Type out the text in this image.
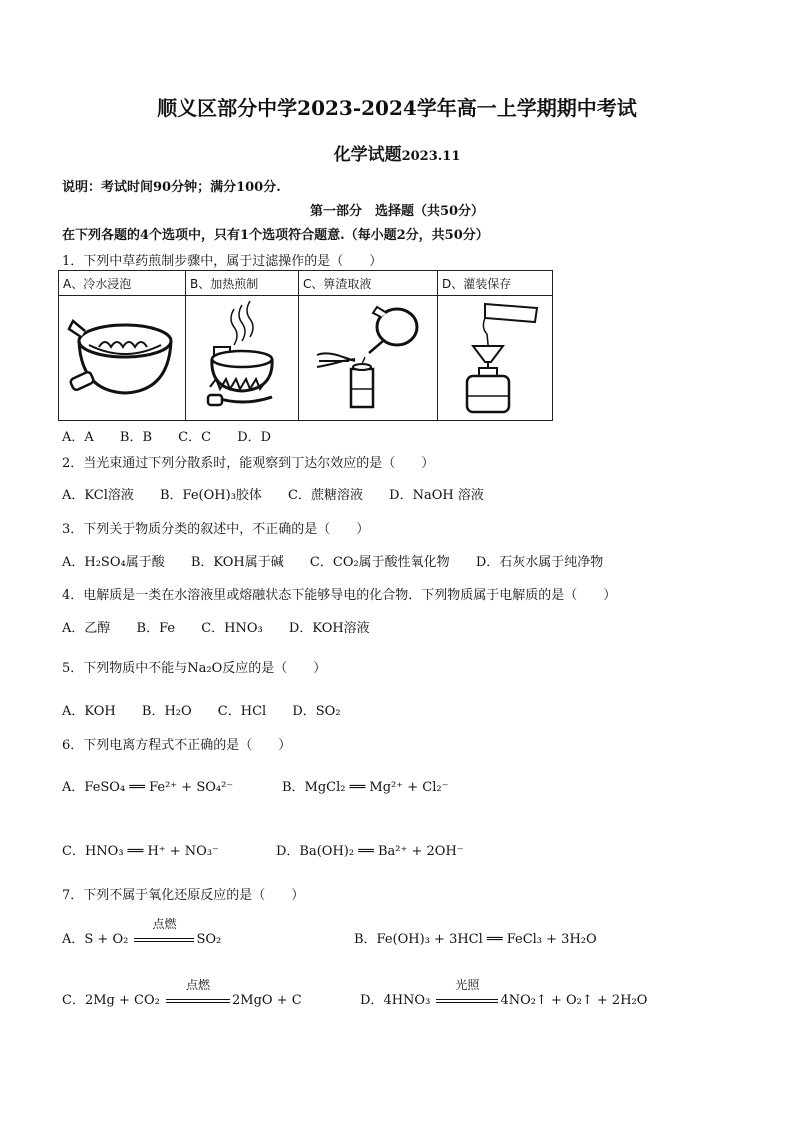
顺义区部分中学2023-2024学年高一上学期期中考试
化学试题2023.11
说明：考试时间90分钟；满分100分.
第一部分　选择题（共50分）
在下列各题的4个选项中，只有1个选项符合题意.（每小题2分，共50分）
1．下列中草药煎制步骤中，属于过滤操作的是（　　）
A、冷水浸泡	B、加热煎制	C、箅渣取液	D、灌装保存

A．A B．B C．C D．D
2．当光束通过下列分散系时，能观察到丁达尔效应的是（　　）
A．KCl溶液 B．Fe(OH)₃胶体 C．蔗糖溶液 D．NaOH 溶液
3．下列关于物质分类的叙述中，不正确的是（　　）
A．H₂SO₄属于酸 B．KOH属于碱 C．CO₂属于酸性氧化物 D．石灰水属于纯净物
4．电解质是一类在水溶液里或熔融状态下能够导电的化合物．下列物质属于电解质的是（　　）
A．乙醇 B．Fe C．HNO₃ D．KOH溶液
5．下列物质中不能与Na₂O反应的是（　　）
A．KOH B．H₂O C．HCl D．SO₂
6．下列电离方程式不正确的是（　　）
A．FeSO₄ ══ Fe²⁺ + SO₄²⁻	B．MgCl₂ ══ Mg²⁺ + Cl₂⁻
C．HNO₃ ══ H⁺ + NO₃⁻	D．Ba(OH)₂ ══ Ba²⁺ + 2OH⁻
7．下列不属于氧化还原反应的是（　　）
A．S + O₂
点燃
SO₂	B．Fe(OH)₃ + 3HCl ══ FeCl₃ + 3H₂O
C．2Mg + CO₂
点燃
2MgO + C	D．4HNO₃
光照
4NO₂↑ + O₂↑ + 2H₂O
